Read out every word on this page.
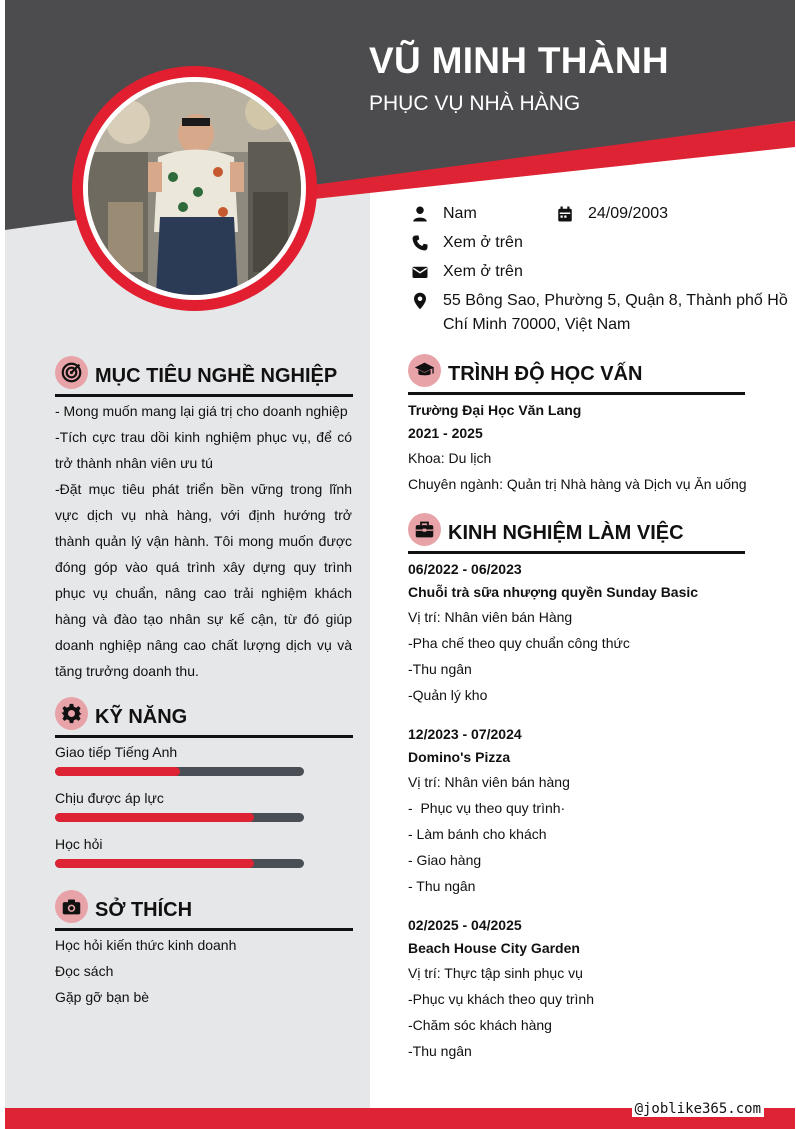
VŨ MINH THÀNH
PHỤC VỤ NHÀ HÀNG
Nam	24/09/2003
Xem ở trên
Xem ở trên
55 Bông Sao, Phường 5, Quận 8, Thành phố Hồ
Chí Minh 70000, Việt Nam
MỤC TIÊU NGHỀ NGHIỆP

- Mong muốn mang lại giá trị cho doanh nghiệp

-Tích cực trau dồi kinh nghiệm phục vụ, để có trở thành nhân viên ưu tú

-Đặt mục tiêu phát triển bền vững trong lĩnh vực dịch vụ nhà hàng, với định hướng trở thành quản lý vận hành. Tôi mong muốn được đóng góp vào quá trình xây dựng quy trình phục vụ chuẩn, nâng cao trải nghiệm khách hàng và đào tạo nhân sự kế cận, từ đó giúp doanh nghiệp nâng cao chất lượng dịch vụ và tăng trưởng doanh thu.

KỸ NĂNG
Giao tiếp Tiếng Anh
Chịu được áp lực
Học hỏi
SỞ THÍCH
Học hỏi kiến thức kinh doanh
Đọc sách
Gặp gỡ bạn bè
TRÌNH ĐỘ HỌC VẤN
Trường Đại Học Văn Lang
2021 - 2025
Khoa: Du lịch
Chuyên ngành: Quản trị Nhà hàng và Dịch vụ Ăn uống
KINH NGHIỆM LÀM VIỆC
06/2022 - 06/2023
Chuỗi trà sữa nhượng quyền Sunday Basic
Vị trí: Nhân viên bán Hàng
-Pha chế theo quy chuẩn công thức
-Thu ngân
-Quản lý kho
12/2023 - 07/2024
Domino's Pizza
Vị trí: Nhân viên bán hàng
-  Phục vụ theo quy trình·
- Làm bánh cho khách
- Giao hàng
- Thu ngân
02/2025 - 04/2025
Beach House City Garden
Vị trí: Thực tập sinh phục vụ
-Phục vụ khách theo quy trình
-Chăm sóc khách hàng
-Thu ngân
@joblike365.com
